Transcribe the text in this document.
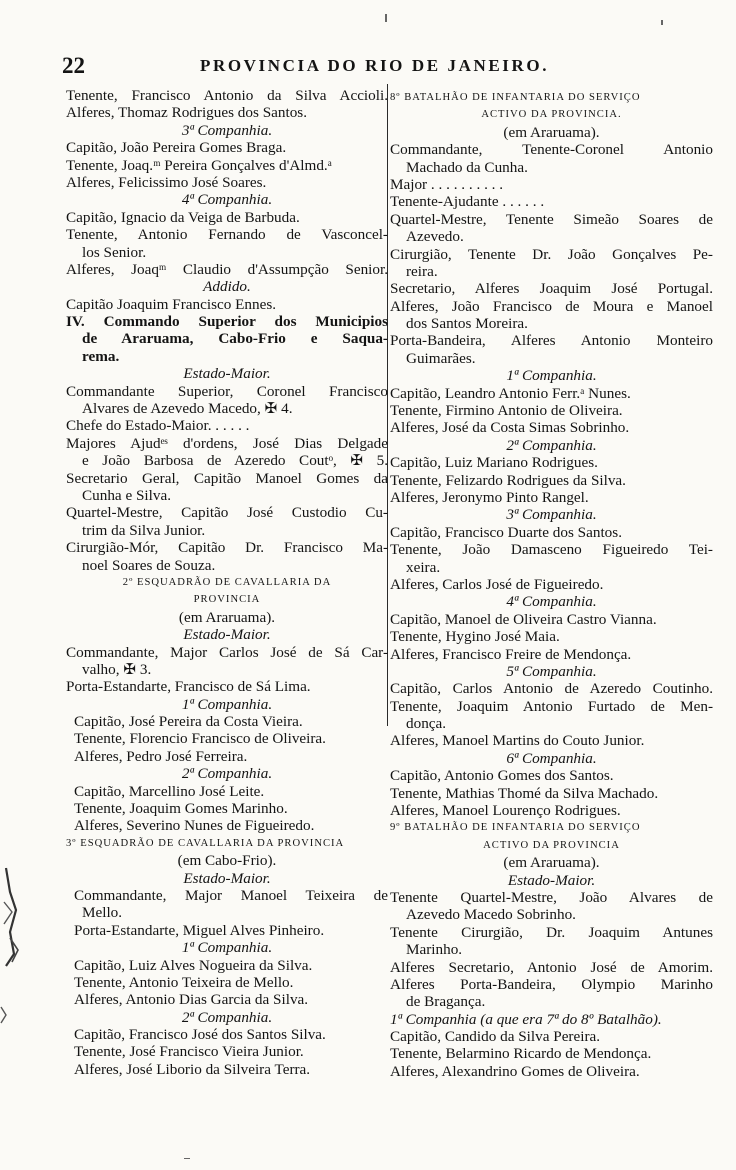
22	PROVINCIA DO RIO DE JANEIRO.
Tenente, Francisco Antonio da Silva Accioli.
Alferes, Thomaz Rodrigues dos Santos.
3ª Companhia.
Capitão, João Pereira Gomes Braga.
Tenente, Joaq.ᵐ Pereira Gonçalves d'Almd.ᵃ
Alferes, Felicissimo José Soares.
4ª Companhia.
Capitão, Ignacio da Veiga de Barbuda.
Tenente, Antonio Fernando de Vasconcel-
los Senior.
Alferes, Joaqᵐ Claudio d'Assumpção Senior.
Addido.
Capitão Joaquim Francisco Ennes.
IV. Commando Superior dos Municipios
de Araruama, Cabo-Frio e Saqua-
rema.
Estado-Maior.
Commandante Superior, Coronel Francisco
Alvares de Azevedo Macedo, ✠ 4.
Chefe do Estado-Maior. . . . . .
Majores Ajudᵉˢ d'ordens, José Dias Delgade
e João Barbosa de Azeredo Coutᵒ, ✠ 5.
Secretario Geral, Capitão Manoel Gomes da
Cunha e Silva.
Quartel-Mestre, Capitão José Custodio Cu-
trim da Silva Junior.
Cirurgião-Mór, Capitão Dr. Francisco Ma-
noel Soares de Souza.
2º ESQUADRÃO DE CAVALLARIA DA
PROVINCIA
(em Araruama).
Estado-Maior.
Commandante, Major Carlos José de Sá Car-
valho, ✠ 3.
Porta-Estandarte, Francisco de Sá Lima.
1ª Companhia.
Capitão, José Pereira da Costa Vieira.
Tenente, Florencio Francisco de Oliveira.
Alferes, Pedro José Ferreira.
2ª Companhia.
Capitão, Marcellino José Leite.
Tenente, Joaquim Gomes Marinho.
Alferes, Severino Nunes de Figueiredo.
3º ESQUADRÃO DE CAVALLARIA DA PROVINCIA
(em Cabo-Frio).
Estado-Maior.
Commandante, Major Manoel Teixeira de
Mello.
Porta-Estandarte, Miguel Alves Pinheiro.
1ª Companhia.
Capitão, Luiz Alves Nogueira da Silva.
Tenente, Antonio Teixeira de Mello.
Alferes, Antonio Dias Garcia da Silva.
2ª Companhia.
Capitão, Francisco José dos Santos Silva.
Tenente, José Francisco Vieira Junior.
Alferes, José Liborio da Silveira Terra.
8º BATALHÃO DE INFANTARIA DO SERVIÇO
ACTIVO DA PROVINCIA.
(em Araruama).
Commandante, Tenente-Coronel Antonio
Machado da Cunha.
Major . . . . . . . . . .
Tenente-Ajudante . . . . . .
Quartel-Mestre, Tenente Simeão Soares de
Azevedo.
Cirurgião, Tenente Dr. João Gonçalves Pe-
reira.
Secretario, Alferes Joaquim José Portugal.
Alferes, João Francisco de Moura e Manoel
dos Santos Moreira.
Porta-Bandeira, Alferes Antonio Monteiro
Guimarães.
1ª Companhia.
Capitão, Leandro Antonio Ferr.ᵃ Nunes.
Tenente, Firmino Antonio de Oliveira.
Alferes, José da Costa Simas Sobrinho.
2ª Companhia.
Capitão, Luiz Mariano Rodrigues.
Tenente, Felizardo Rodrigues da Silva.
Alferes, Jeronymo Pinto Rangel.
3ª Companhia.
Capitão, Francisco Duarte dos Santos.
Tenente, João Damasceno Figueiredo Tei-
xeira.
Alferes, Carlos José de Figueiredo.
4ª Companhia.
Capitão, Manoel de Oliveira Castro Vianna.
Tenente, Hygino José Maia.
Alferes, Francisco Freire de Mendonça.
5ª Companhia.
Capitão, Carlos Antonio de Azeredo Coutinho.
Tenente, Joaquim Antonio Furtado de Men-
donça.
Alferes, Manoel Martins do Couto Junior.
6ª Companhia.
Capitão, Antonio Gomes dos Santos.
Tenente, Mathias Thomé da Silva Machado.
Alferes, Manoel Lourenço Rodrigues.
9º BATALHÃO DE INFANTARIA DO SERVIÇO
ACTIVO DA PROVINCIA
(em Araruama).
Estado-Maior.
Tenente Quartel-Mestre, João Alvares de
Azevedo Macedo Sobrinho.
Tenente Cirurgião, Dr. Joaquim Antunes
Marinho.
Alferes Secretario, Antonio José de Amorim.
Alferes Porta-Bandeira, Olympio Marinho
de Bragança.
1ª Companhia (a que era 7ª do 8º Batalhão).
Capitão, Candido da Silva Pereira.
Tenente, Belarmino Ricardo de Mendonça.
Alferes, Alexandrino Gomes de Oliveira.
